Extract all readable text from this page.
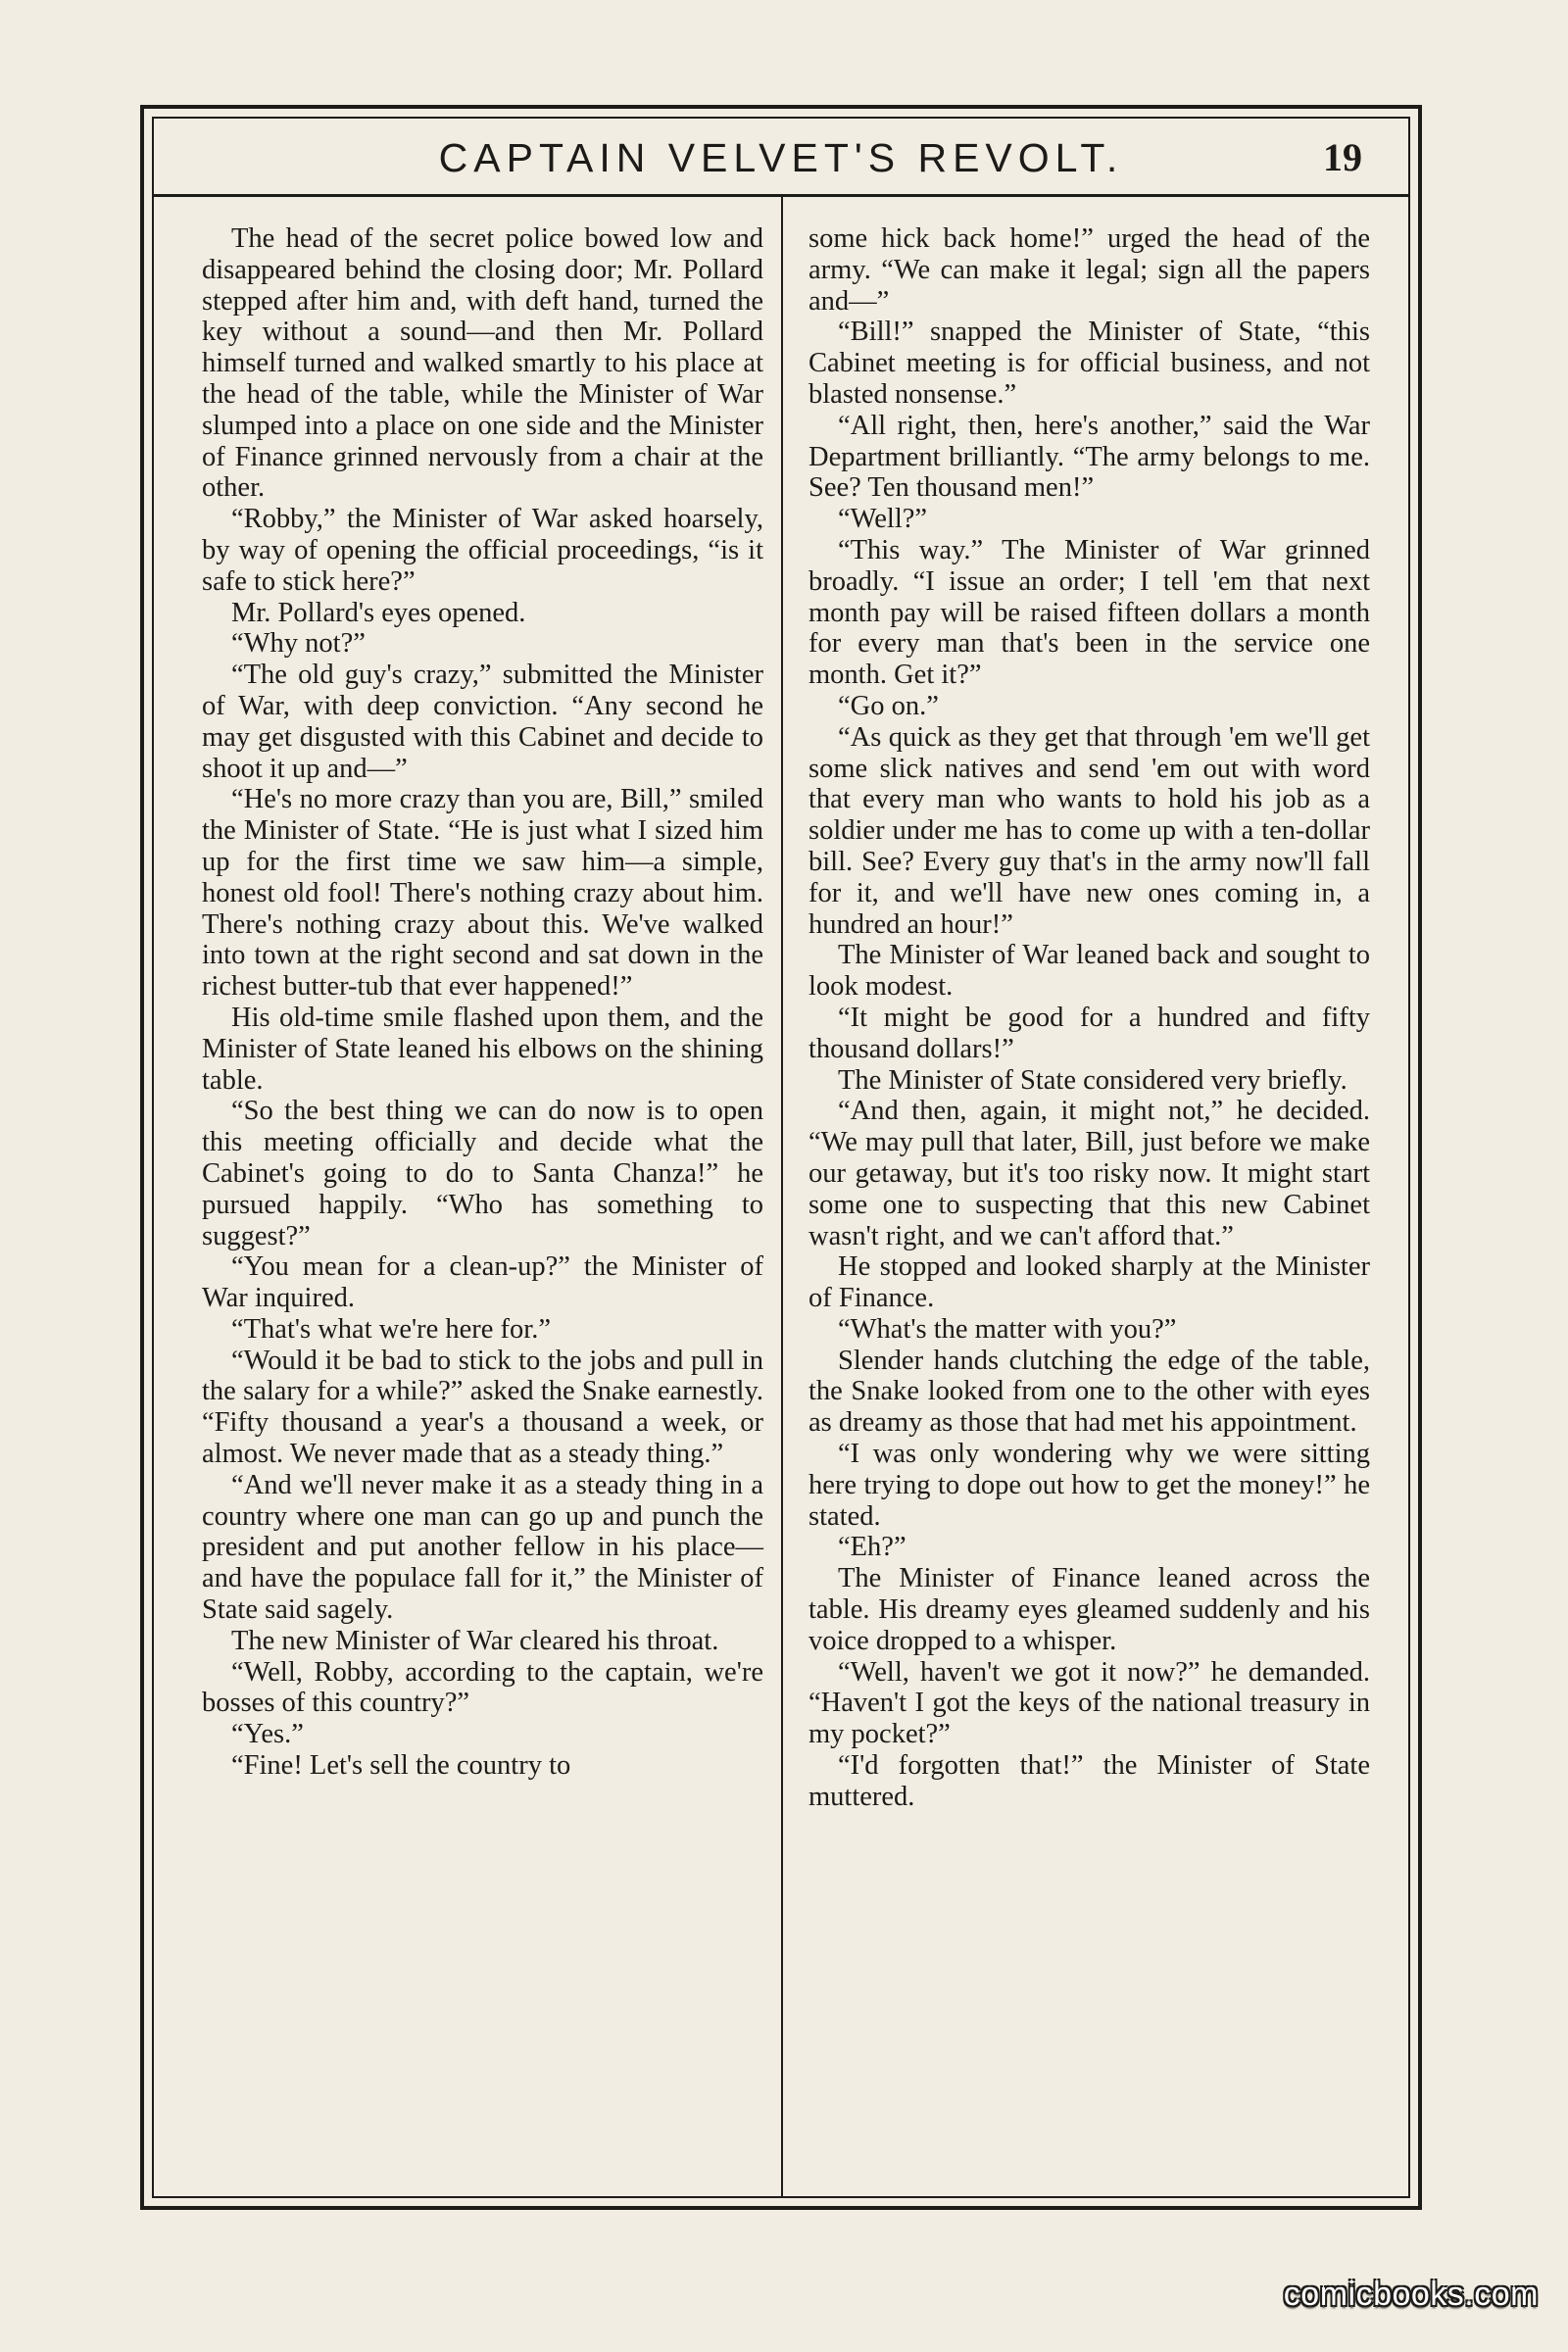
CAPTAIN VELVET'S REVOLT.	19

The head of the secret police bowed low and disappeared behind the closing door; Mr. Pollard stepped after him and, with deft hand, turned the key without a sound—and then Mr. Pollard himself turned and walked smartly to his place at the head of the table, while the Minister of War slumped into a place on one side and the Minister of Finance grinned nervously from a chair at the other.

“Robby,” the Minister of War asked hoarsely, by way of opening the official proceedings, “is it safe to stick here?”

Mr. Pollard's eyes opened.

“Why not?”

“The old guy's crazy,” submitted the Minister of War, with deep conviction. “Any second he may get disgusted with this Cabinet and decide to shoot it up and—”

“He's no more crazy than you are, Bill,” smiled the Minister of State. “He is just what I sized him up for the first time we saw him—a simple, honest old fool! There's nothing crazy about him. There's nothing crazy about this. We've walked into town at the right second and sat down in the richest butter-tub that ever happened!”

His old-time smile flashed upon them, and the Minister of State leaned his elbows on the shining table.

“So the best thing we can do now is to open this meeting officially and decide what the Cabinet's going to do to Santa Chanza!” he pursued happily. “Who has something to suggest?”

“You mean for a clean-up?” the Minister of War inquired.

“That's what we're here for.”

“Would it be bad to stick to the jobs and pull in the salary for a while?” asked the Snake earnestly. “Fifty thousand a year's a thousand a week, or almost. We never made that as a steady thing.”

“And we'll never make it as a steady thing in a country where one man can go up and punch the president and put another fellow in his place—and have the populace fall for it,” the Minister of State said sagely.

The new Minister of War cleared his throat.

“Well, Robby, according to the captain, we're bosses of this country?”

“Yes.”

“Fine! Let's sell the country to

some hick back home!” urged the head of the army. “We can make it legal; sign all the papers and—”

“Bill!” snapped the Minister of State, “this Cabinet meeting is for official business, and not blasted nonsense.”

“All right, then, here's another,” said the War Department brilliantly. “The army belongs to me. See? Ten thousand men!”

“Well?”

“This way.” The Minister of War grinned broadly. “I issue an order; I tell 'em that next month pay will be raised fifteen dollars a month for every man that's been in the service one month. Get it?”

“Go on.”

“As quick as they get that through 'em we'll get some slick natives and send 'em out with word that every man who wants to hold his job as a soldier under me has to come up with a ten-dollar bill. See? Every guy that's in the army now'll fall for it, and we'll have new ones coming in, a hundred an hour!”

The Minister of War leaned back and sought to look modest.

“It might be good for a hundred and fifty thousand dollars!”

The Minister of State considered very briefly.

“And then, again, it might not,” he decided. “We may pull that later, Bill, just before we make our getaway, but it's too risky now. It might start some one to suspecting that this new Cabinet wasn't right, and we can't afford that.”

He stopped and looked sharply at the Minister of Finance.

“What's the matter with you?”

Slender hands clutching the edge of the table, the Snake looked from one to the other with eyes as dreamy as those that had met his appointment.

“I was only wondering why we were sitting here trying to dope out how to get the money!” he stated.

“Eh?”

The Minister of Finance leaned across the table. His dreamy eyes gleamed suddenly and his voice dropped to a whisper.

“Well, haven't we got it now?” he demanded. “Haven't I got the keys of the national treasury in my pocket?”

“I'd forgotten that!” the Minister of State muttered.

comicbooks.com
